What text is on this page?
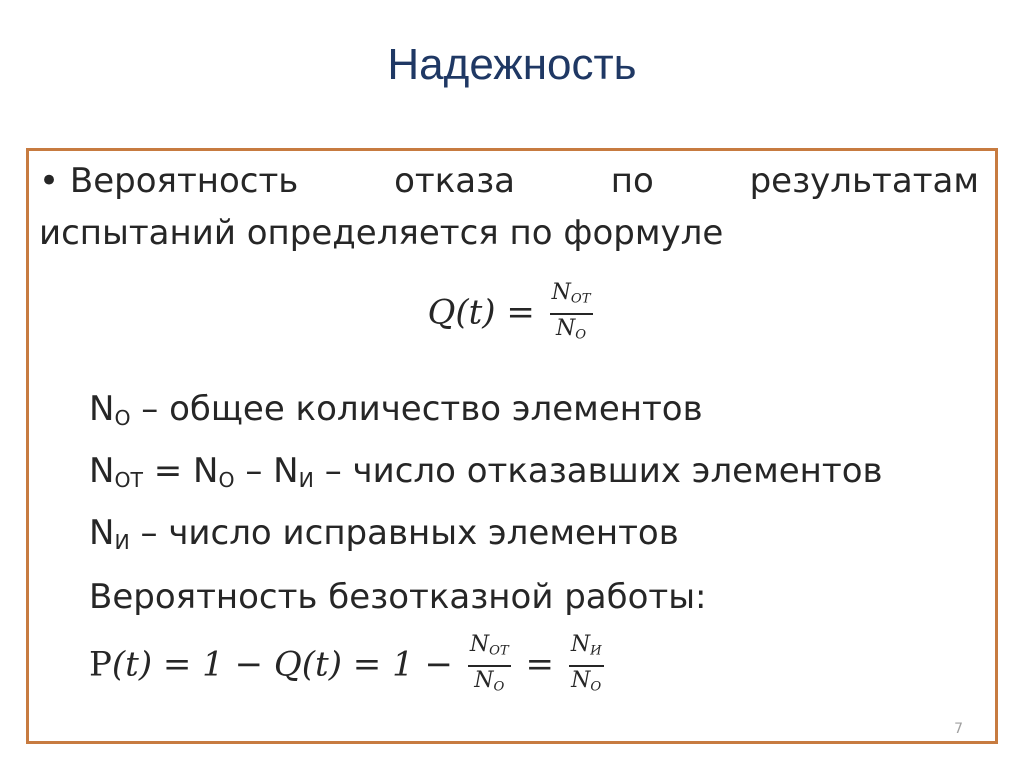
Надежность
• Вероятность	отказа	по	результатам
испытаний определяется по формуле
$Q(t) = \frac{N_{OT}}{N_O}$
$N_O$ – общее количество элементов
$N_{OT} = N_O - N_И$ – число отказавших элементов
$N_И$ – число исправных элементов
Вероятность безотказной работы:
$P(t) = 1 - Q(t) = 1 - \frac{N_{OT}}{N_O} = \frac{N_И}{N_O}$
7
